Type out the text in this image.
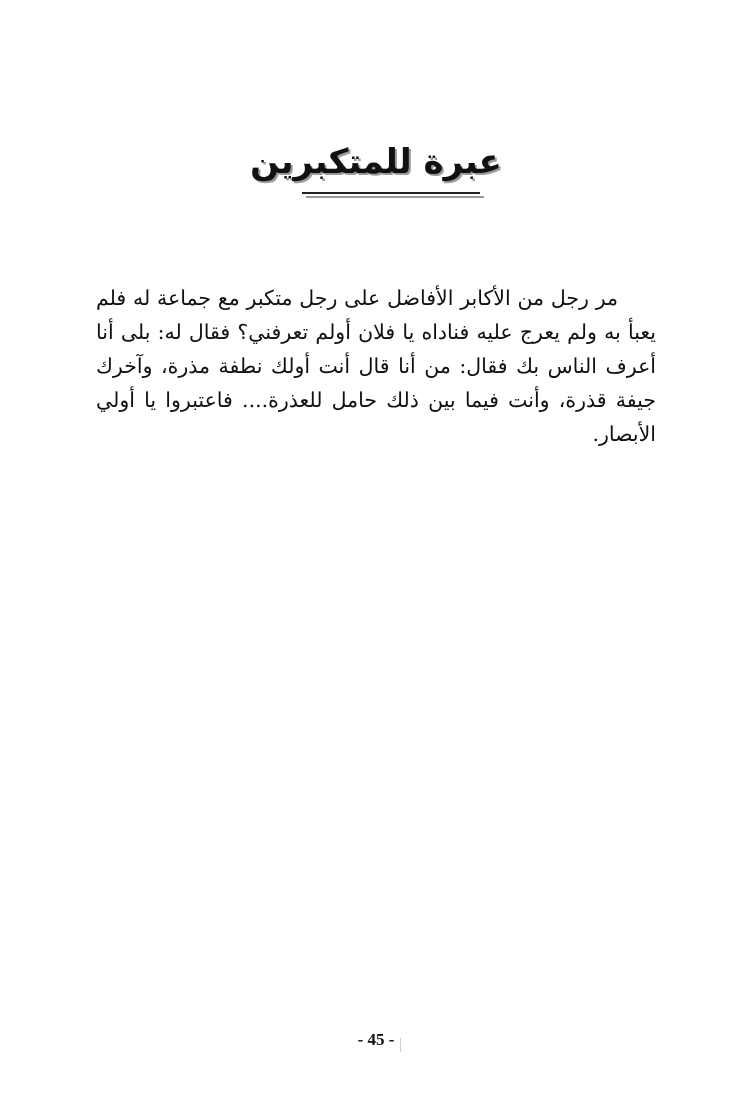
عبرة للمتكبرين

مر رجل من الأكابر الأفاضل على رجل متكبر مع جماعة له فلم يعبأ به ولم يعرج عليه فناداه يا فلان أولم تعرفني؟ فقال له: بلى أنا أعرف الناس بك فقال: من أنا قال أنت أولك نطفة مذرة، وآخرك جيفة قذرة، وأنت فيما بين ذلك حامل للعذرة.... فاعتبروا يا أولي الأبصار.

- 45 -
